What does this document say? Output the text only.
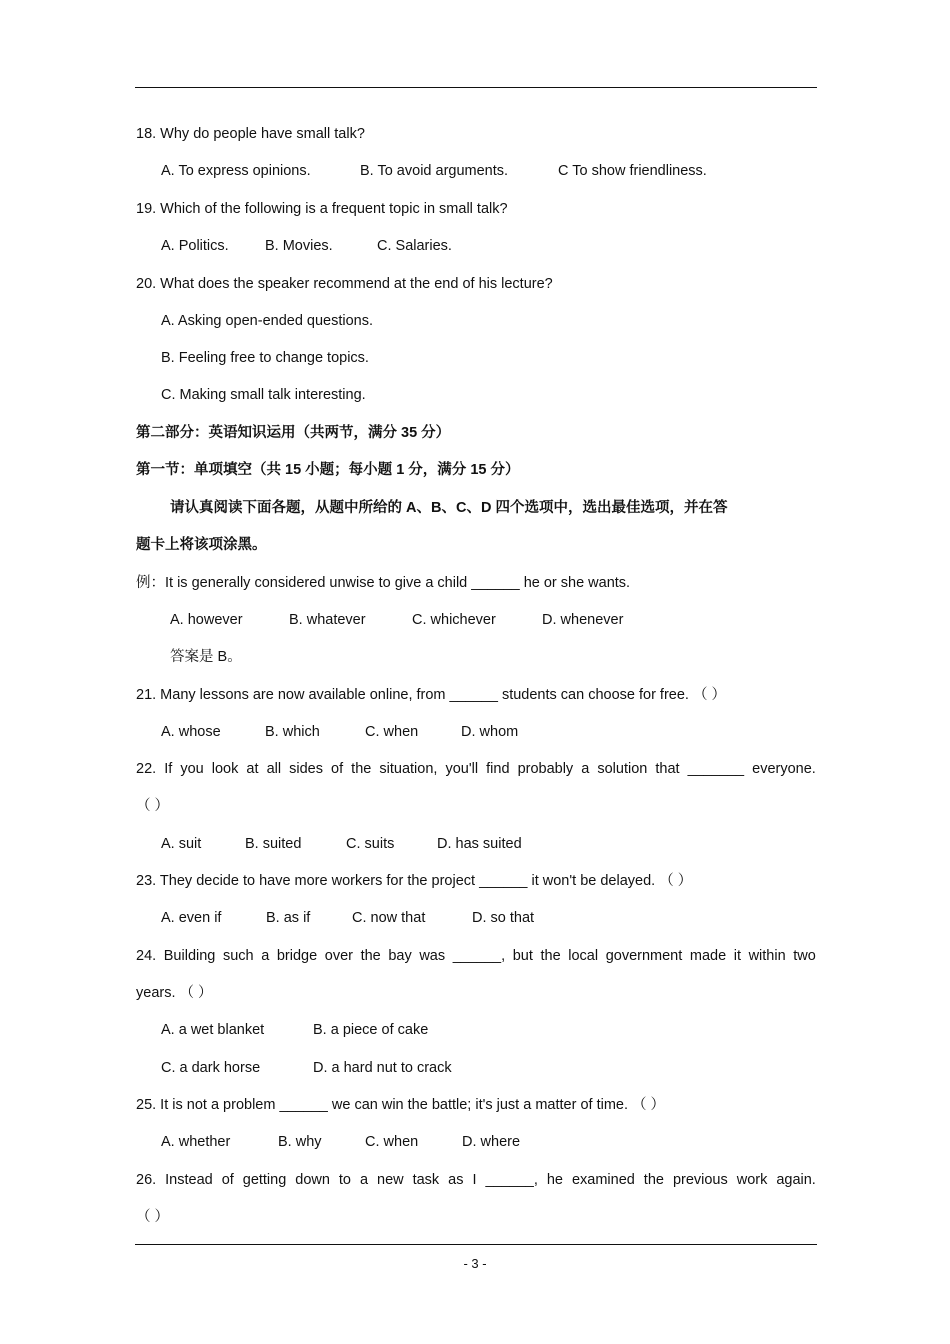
18. Why do people have small talk?
A. To express opinions.	B. To avoid arguments.	C To show friendliness.
19. Which of the following is a frequent topic in small talk?
A. Politics.	B. Movies.	C. Salaries.
20. What does the speaker recommend at the end of his lecture?
A. Asking open-ended questions.
B. Feeling free to change topics.
C. Making small talk interesting.
第二部分：英语知识运用（共两节，满分 35 分）
第一节：单项填空（共 15 小题；每小题 1 分，满分 15 分）
请认真阅读下面各题，从题中所给的 A、B、C、D 四个选项中，选出最佳选项，并在答
题卡上将该项涂黑。
例：It is generally considered unwise to give a child ______ he or she wants.
A. however	B. whatever	C. whichever	D. whenever
答案是 B。
21. Many lessons are now available online, from ______ students can choose for free. （ ）
A. whose	B. which	C. when	D. whom
22. If you look at all sides of the situation, you'll find probably a solution that _______ everyone.
（ ）
A. suit	B. suited	C. suits	D. has suited
23. They decide to have more workers for the project ______ it won't be delayed. （ ）
A. even if	B. as if	C. now that	D. so that
24. Building such a bridge over the bay was ______, but the local government made it within two
years. （ ）
A. a wet blanket	B. a piece of cake
C. a dark horse	D. a hard nut to crack
25. It is not a problem ______ we can win the battle; it's just a matter of time. （ ）
A. whether	B. why	C. when	D. where
26. Instead of getting down to a new task as I ______, he examined the previous work again.
（ ）
- 3 -
